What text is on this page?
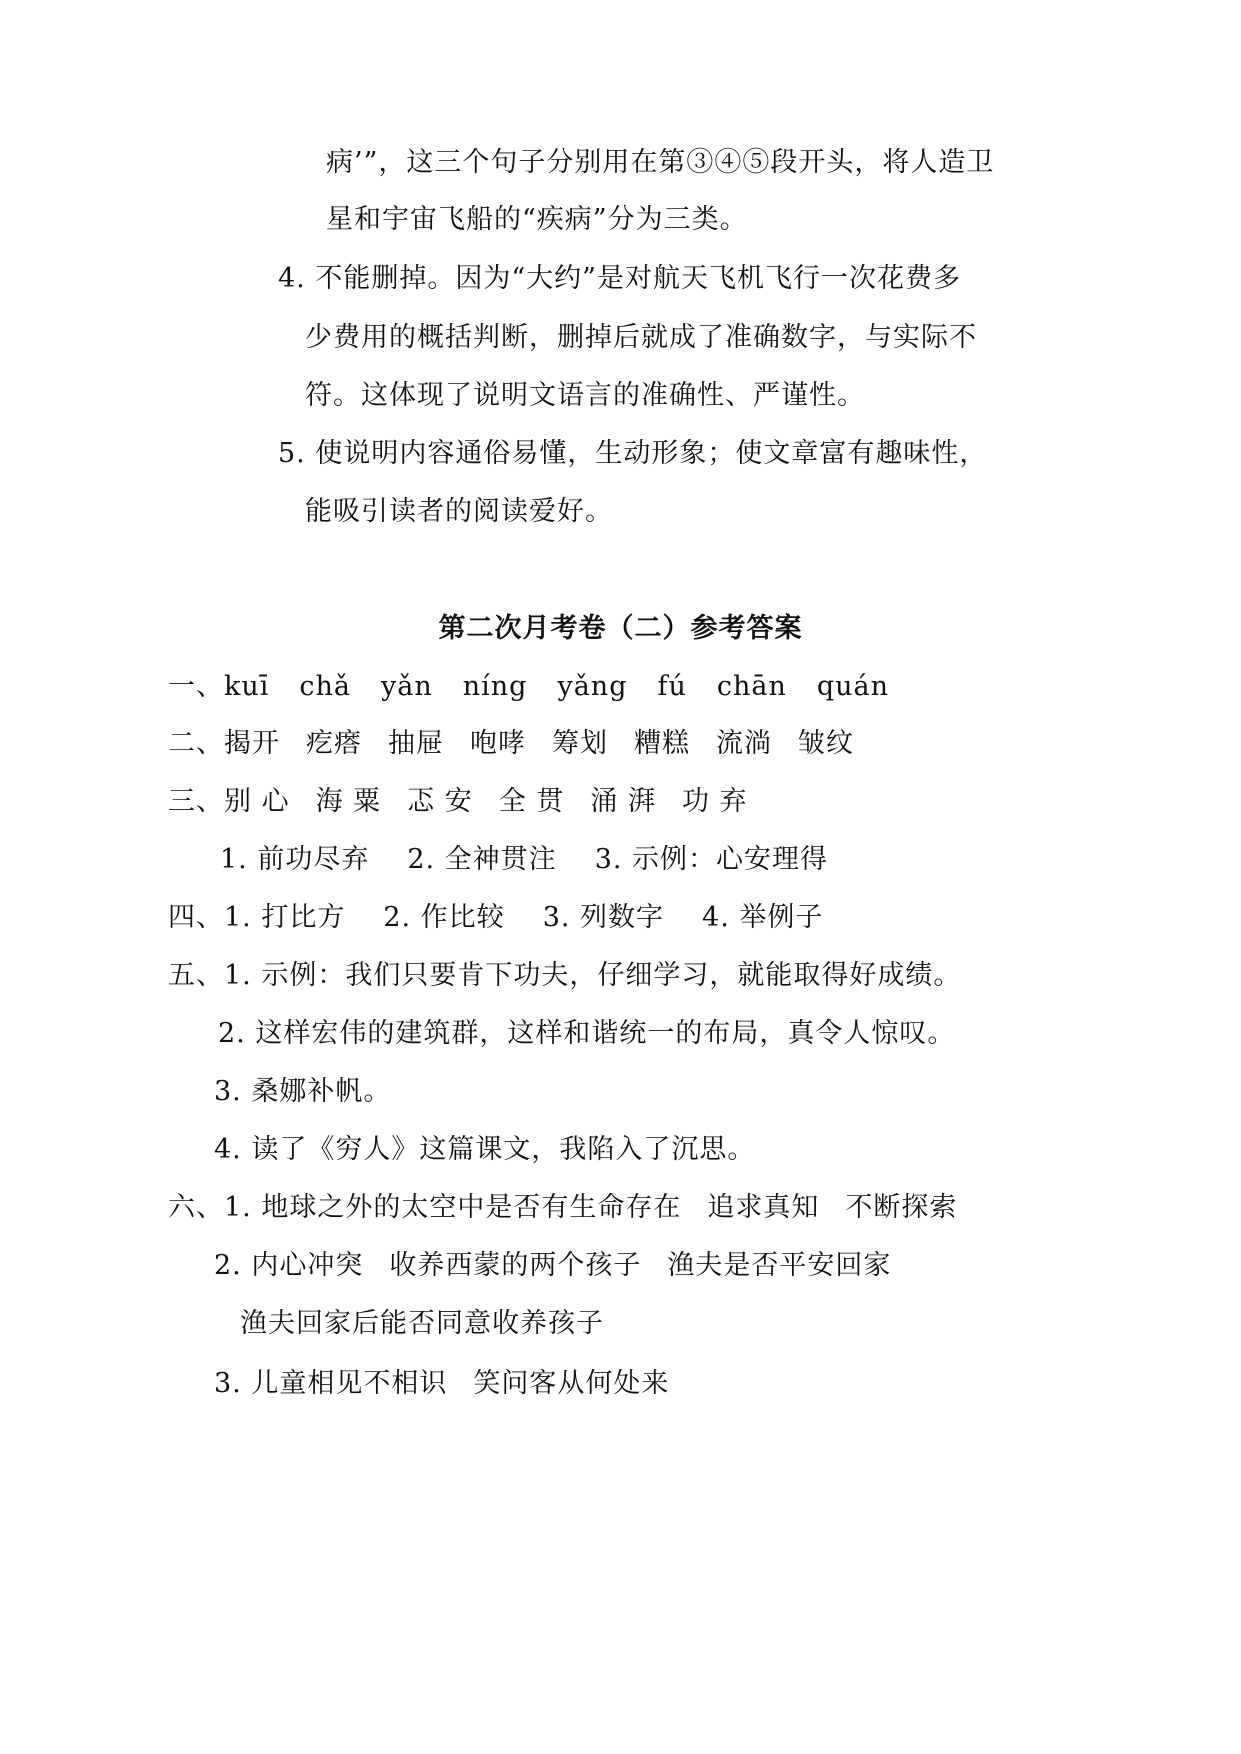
病’”，这三个句子分别用在第③④⑤段开头，将人造卫
星和宇宙飞船的“疾病”分为三类。
4. 不能删掉。因为“大约”是对航天飞机飞行一次花费多
少费用的概括判断，删掉后就成了准确数字，与实际不
符。这体现了说明文语言的准确性、严谨性。
5. 使说明内容通俗易懂，生动形象；使文章富有趣味性，
能吸引读者的阅读爱好。
第二次月考卷（二）参考答案
一、kuī chǎ yǎn níng yǎng fú chān quán
二、揭开 疙瘩 抽屉 咆哮 筹划 糟糕 流淌 皱纹
三、别 心 海 粟 忑 安 全 贯 涌 湃 功 弃
1. 前功尽弃 2. 全神贯注 3. 示例：心安理得
四、1. 打比方 2. 作比较 3. 列数字 4. 举例子
五、1. 示例：我们只要肯下功夫，仔细学习，就能取得好成绩。
2. 这样宏伟的建筑群，这样和谐统一的布局，真令人惊叹。
3. 桑娜补帆。
4. 读了《穷人》这篇课文，我陷入了沉思。
六、1. 地球之外的太空中是否有生命存在 追求真知 不断探索
2. 内心冲突 收养西蒙的两个孩子 渔夫是否平安回家
渔夫回家后能否同意收养孩子
3. 儿童相见不相识 笑问客从何处来
